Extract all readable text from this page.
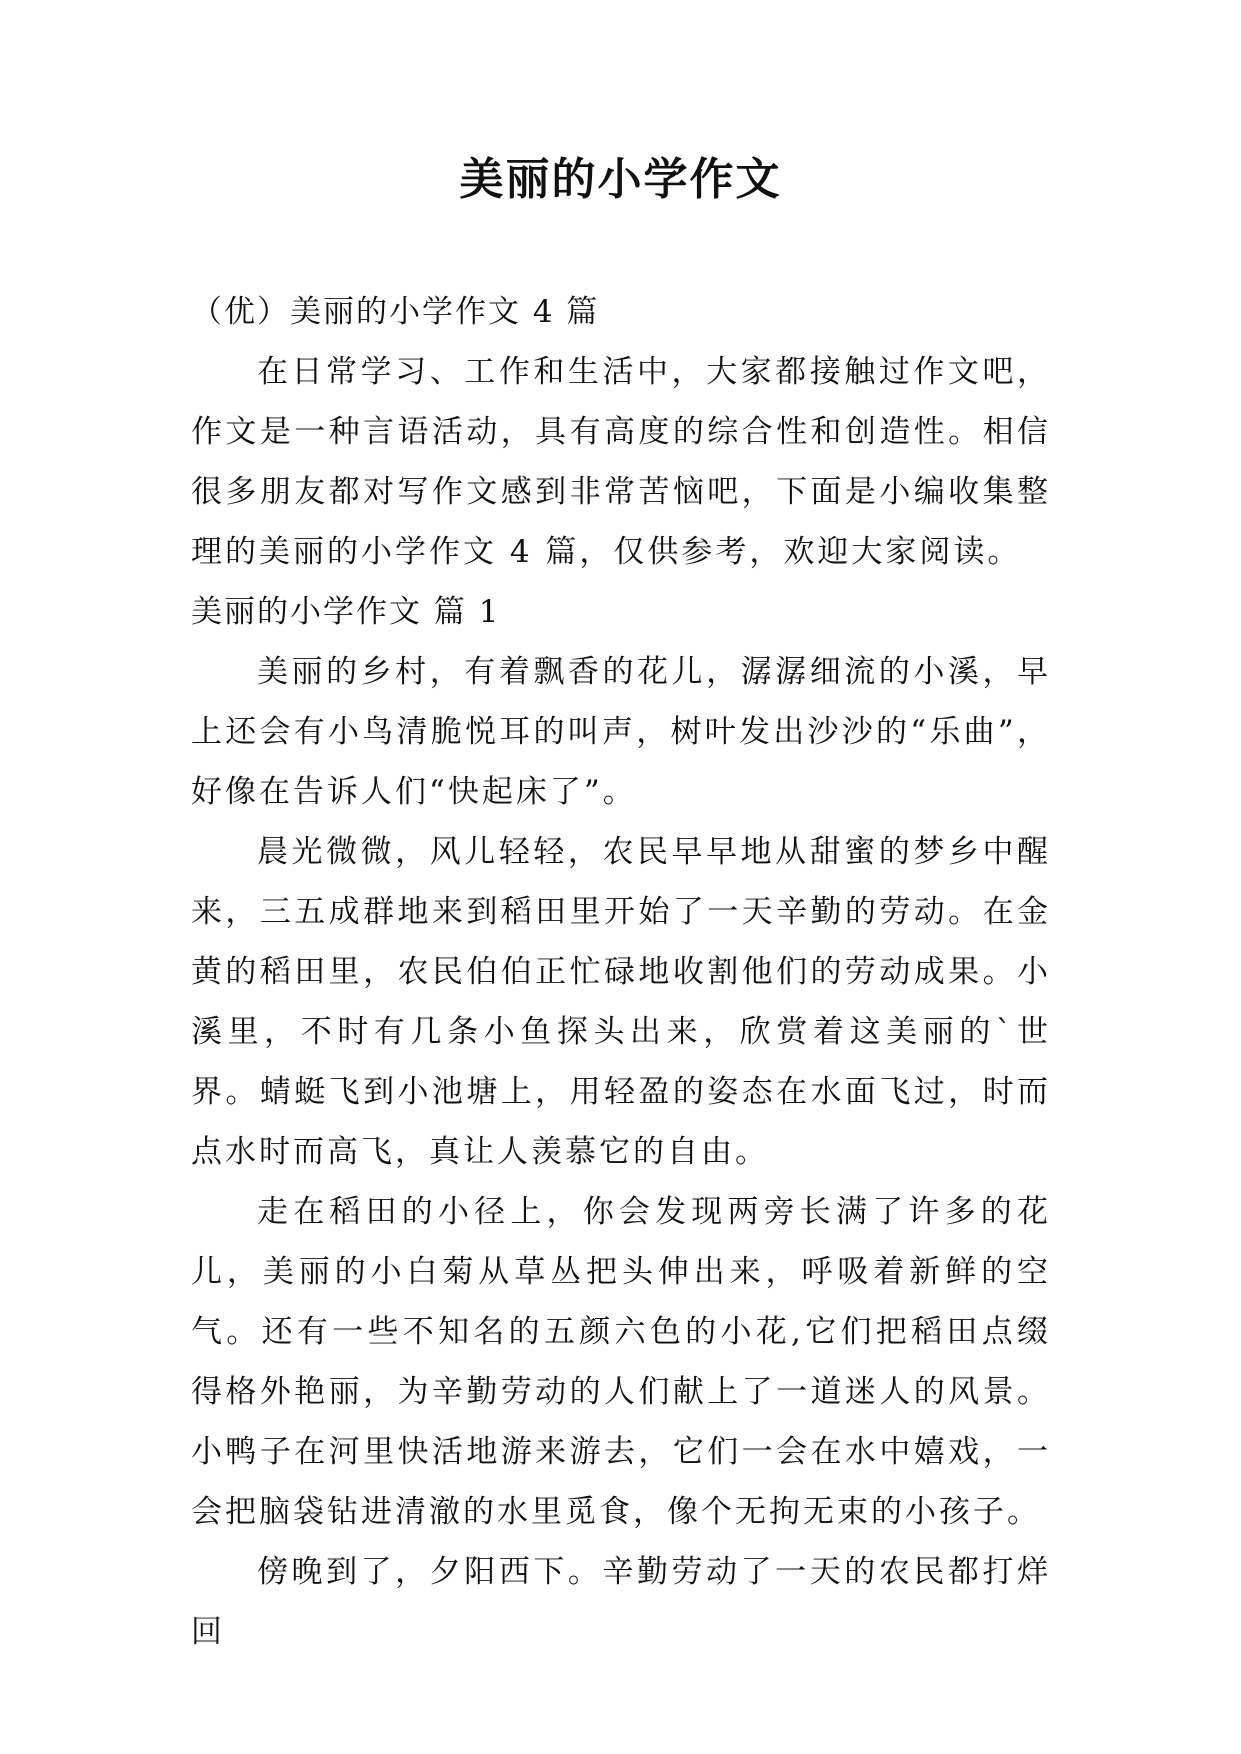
美丽的小学作文

（优）美丽的小学作文 4 篇

在日常学习、工作和生活中，大家都接触过作文吧，作文是一种言语活动，具有高度的综合性和创造性。相信很多朋友都对写作文感到非常苦恼吧，下面是小编收集整理的美丽的小学作文 4 篇，仅供参考，欢迎大家阅读。

美丽的小学作文 篇 1

美丽的乡村，有着飘香的花儿，潺潺细流的小溪，早上还会有小鸟清脆悦耳的叫声，树叶发出沙沙的“乐曲”，好像在告诉人们“快起床了”。

晨光微微，风儿轻轻，农民早早地从甜蜜的梦乡中醒来，三五成群地来到稻田里开始了一天辛勤的劳动。在金黄的稻田里，农民伯伯正忙碌地收割他们的劳动成果。小溪里，不时有几条小鱼探头出来，欣赏着这美丽的`世界。蜻蜓飞到小池塘上，用轻盈的姿态在水面飞过，时而点水时而高飞，真让人羡慕它的自由。

走在稻田的小径上，你会发现两旁长满了许多的花儿，美丽的小白菊从草丛把头伸出来，呼吸着新鲜的空气。还有一些不知名的五颜六色的小花,它们把稻田点缀得格外艳丽，为辛勤劳动的人们献上了一道迷人的风景。小鸭子在河里快活地游来游去，它们一会在水中嬉戏，一会把脑袋钻进清澈的水里觅食，像个无拘无束的小孩子。

傍晚到了，夕阳西下。辛勤劳动了一天的农民都打烊回
